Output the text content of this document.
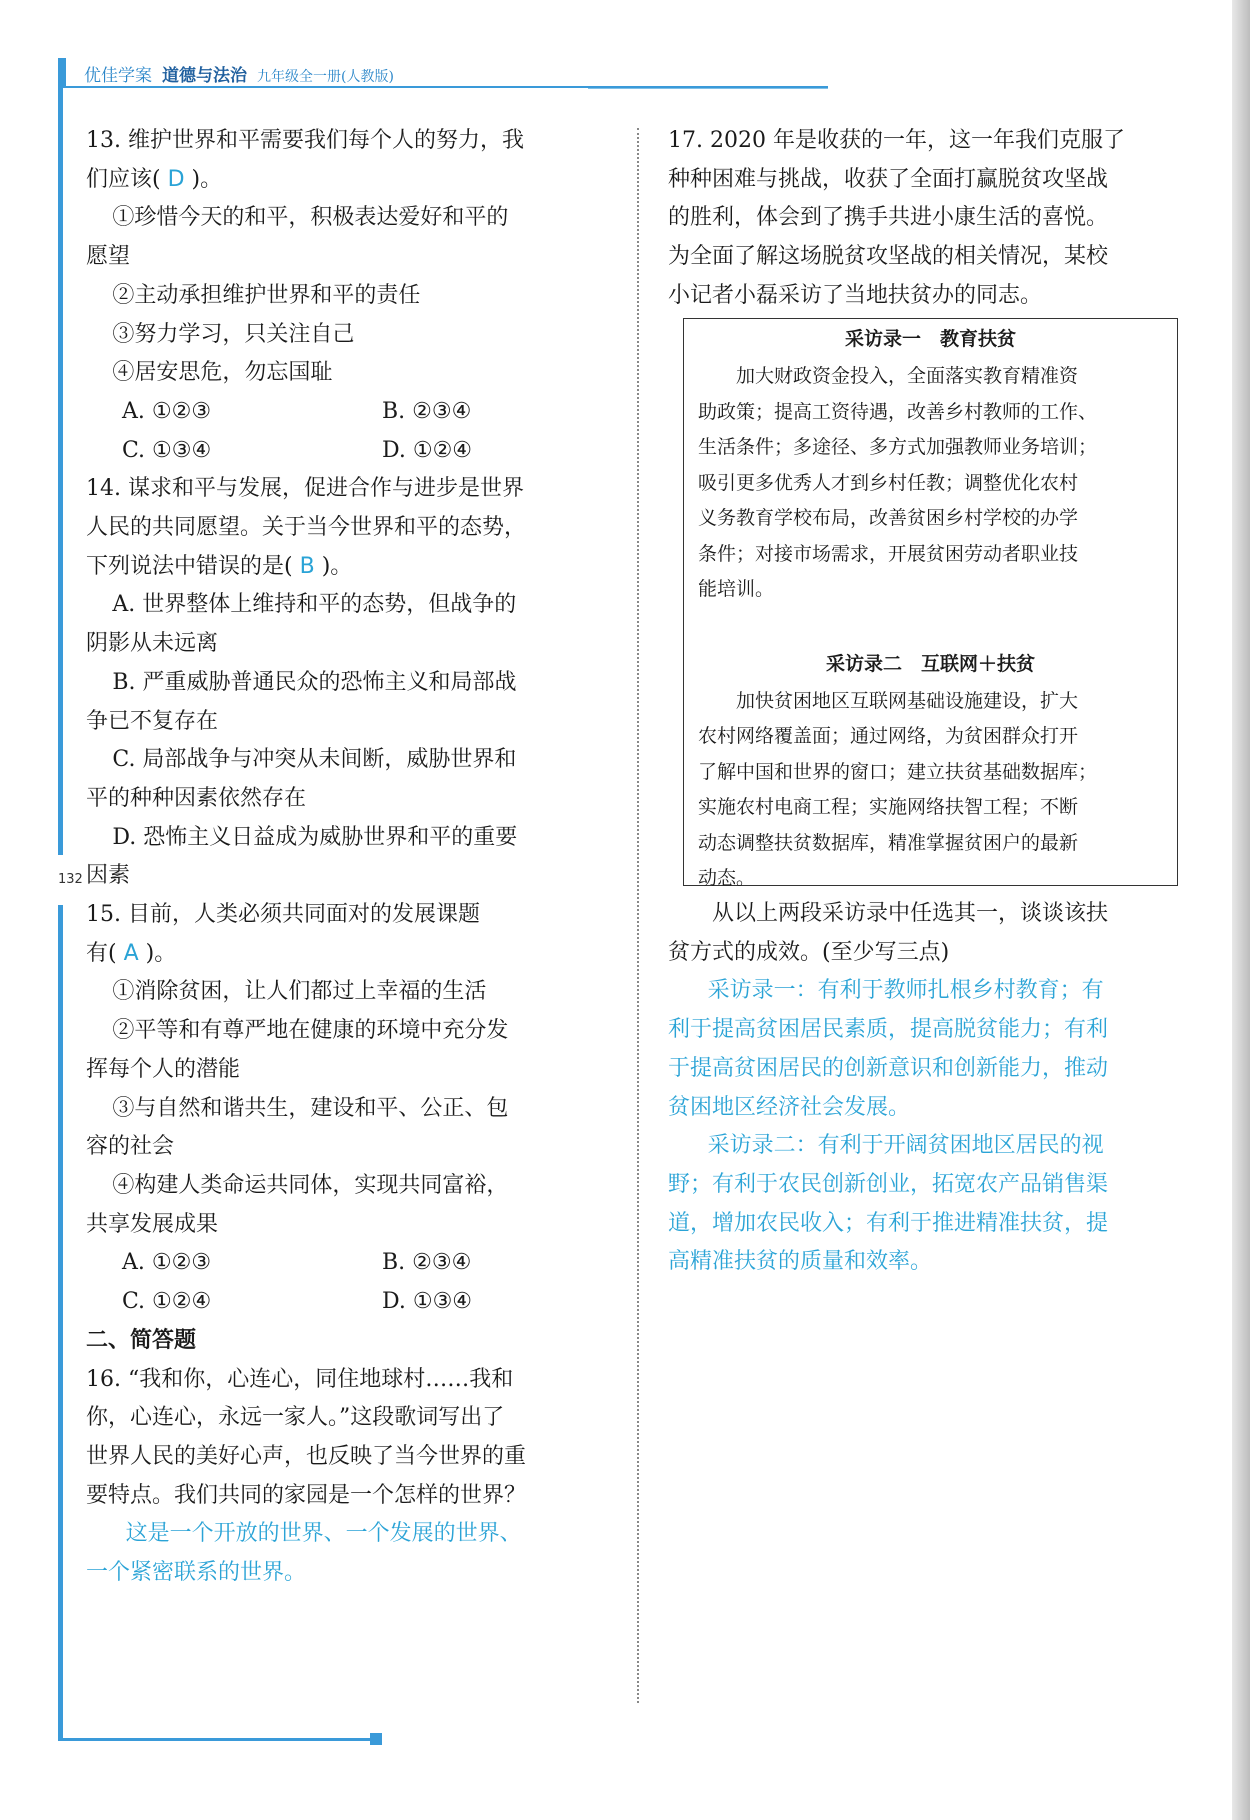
优佳学案 道德与法治 九年级全一册(人教版)
132

13. 维护世界和平需要我们每个人的努力，我

们应该( D )。

①珍惜今天的和平，积极表达爱好和平的

愿望

②主动承担维护世界和平的责任

③努力学习，只关注自己

④居安思危，勿忘国耻

A. ①②③	B. ②③④
C. ①③④	D. ①②④

14. 谋求和平与发展，促进合作与进步是世界

人民的共同愿望。关于当今世界和平的态势，

下列说法中错误的是( B )。

A. 世界整体上维持和平的态势，但战争的

阴影从未远离

B. 严重威胁普通民众的恐怖主义和局部战

争已不复存在

C. 局部战争与冲突从未间断，威胁世界和

平的种种因素依然存在

D. 恐怖主义日益成为威胁世界和平的重要

因素

15. 目前，人类必须共同面对的发展课题

有( A )。

①消除贫困，让人们都过上幸福的生活

②平等和有尊严地在健康的环境中充分发

挥每个人的潜能

③与自然和谐共生，建设和平、公正、包

容的社会

④构建人类命运共同体，实现共同富裕，

共享发展成果

A. ①②③	B. ②③④
C. ①②④	D. ①③④

二、简答题

16. “我和你，心连心，同住地球村……我和

你，心连心，永远一家人。”这段歌词写出了

世界人民的美好心声，也反映了当今世界的重

要特点。我们共同的家园是一个怎样的世界？

这是一个开放的世界、一个发展的世界、

一个紧密联系的世界。

17. 2020 年是收获的一年，这一年我们克服了

种种困难与挑战，收获了全面打赢脱贫攻坚战

的胜利，体会到了携手共进小康生活的喜悦。

为全面了解这场脱贫攻坚战的相关情况，某校

小记者小磊采访了当地扶贫办的同志。

采访录一　教育扶贫

加大财政资金投入，全面落实教育精准资

助政策；提高工资待遇，改善乡村教师的工作、

生活条件；多途径、多方式加强教师业务培训；

吸引更多优秀人才到乡村任教；调整优化农村

义务教育学校布局，改善贫困乡村学校的办学

条件；对接市场需求，开展贫困劳动者职业技

能培训。

采访录二　互联网＋扶贫

加快贫困地区互联网基础设施建设，扩大

农村网络覆盖面；通过网络，为贫困群众打开

了解中国和世界的窗口；建立扶贫基础数据库；

实施农村电商工程；实施网络扶智工程；不断

动态调整扶贫数据库，精准掌握贫困户的最新

动态。

从以上两段采访录中任选其一，谈谈该扶

贫方式的成效。(至少写三点)

采访录一：有利于教师扎根乡村教育；有

利于提高贫困居民素质，提高脱贫能力；有利

于提高贫困居民的创新意识和创新能力，推动

贫困地区经济社会发展。

采访录二：有利于开阔贫困地区居民的视

野；有利于农民创新创业，拓宽农产品销售渠

道，增加农民收入；有利于推进精准扶贫，提

高精准扶贫的质量和效率。
